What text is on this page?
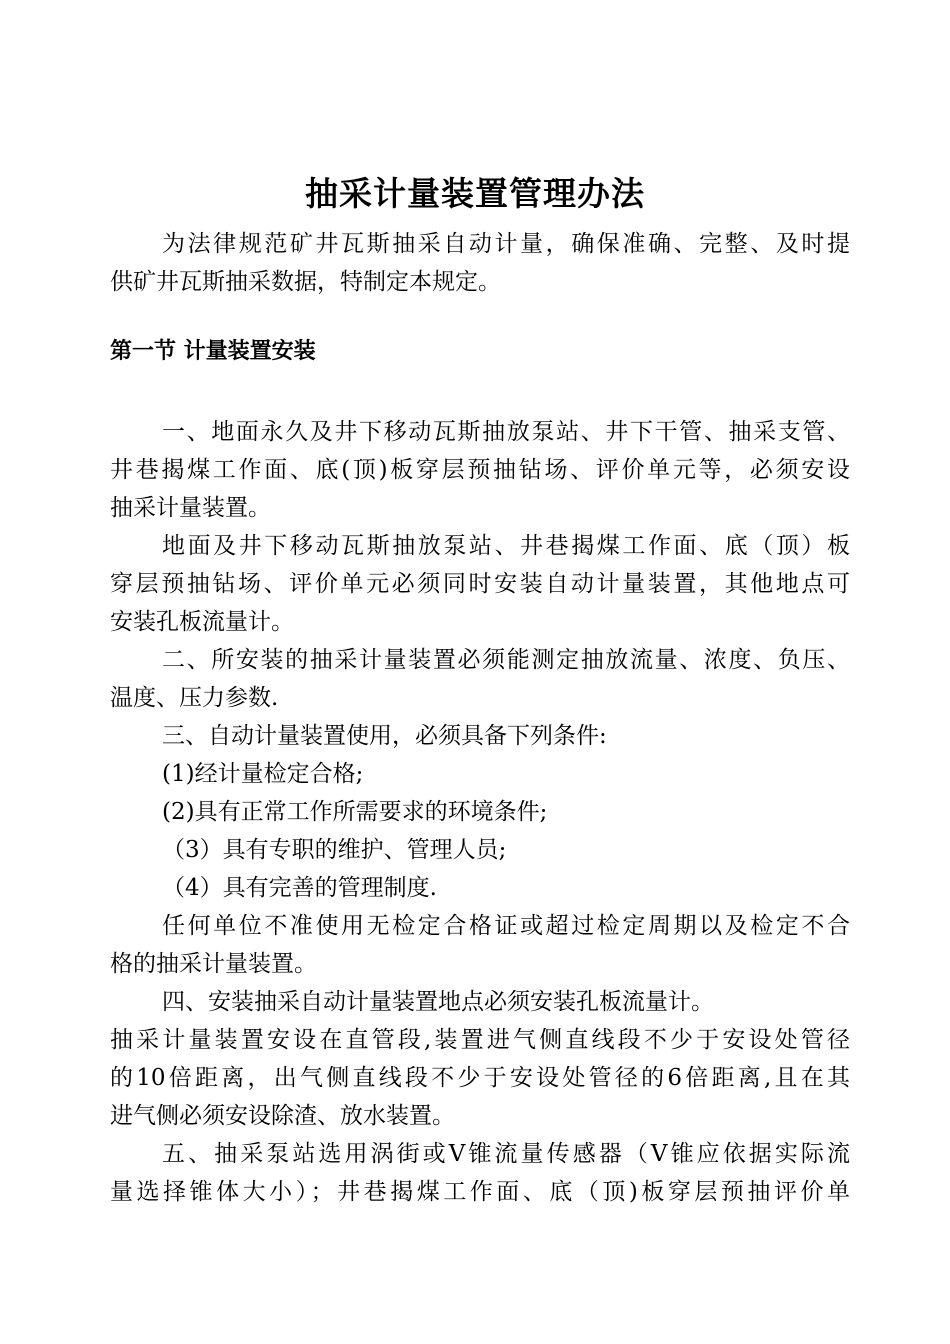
抽采计量装置管理办法
为法律规范矿井瓦斯抽采自动计量，确保准确、完整、及时提
供矿井瓦斯抽采数据，特制定本规定。
第一节 计量装置安装
一、地面永久及井下移动瓦斯抽放泵站、井下干管、抽采支管、
井巷揭煤工作面、底(顶)板穿层预抽钻场、评价单元等，必须安设
抽采计量装置。
地面及井下移动瓦斯抽放泵站、井巷揭煤工作面、底（顶）板
穿层预抽钻场、评价单元必须同时安装自动计量装置，其他地点可
安装孔板流量计。
二、所安装的抽采计量装置必须能测定抽放流量、浓度、负压、
温度、压力参数.
三、自动计量装置使用，必须具备下列条件:
(1)经计量检定合格;
(2)具有正常工作所需要求的环境条件;
（3）具有专职的维护、管理人员;
（4）具有完善的管理制度.
任何单位不准使用无检定合格证或超过检定周期以及检定不合
格的抽采计量装置。
四、安装抽采自动计量装置地点必须安装孔板流量计。
抽采计量装置安设在直管段,装置进气侧直线段不少于安设处管径
的10倍距离，出气侧直线段不少于安设处管径的6倍距离,且在其
进气侧必须安设除渣、放水装置。
五、抽采泵站选用涡街或V锥流量传感器（V锥应依据实际流
量选择锥体大小）；井巷揭煤工作面、底（顶)板穿层预抽评价单
